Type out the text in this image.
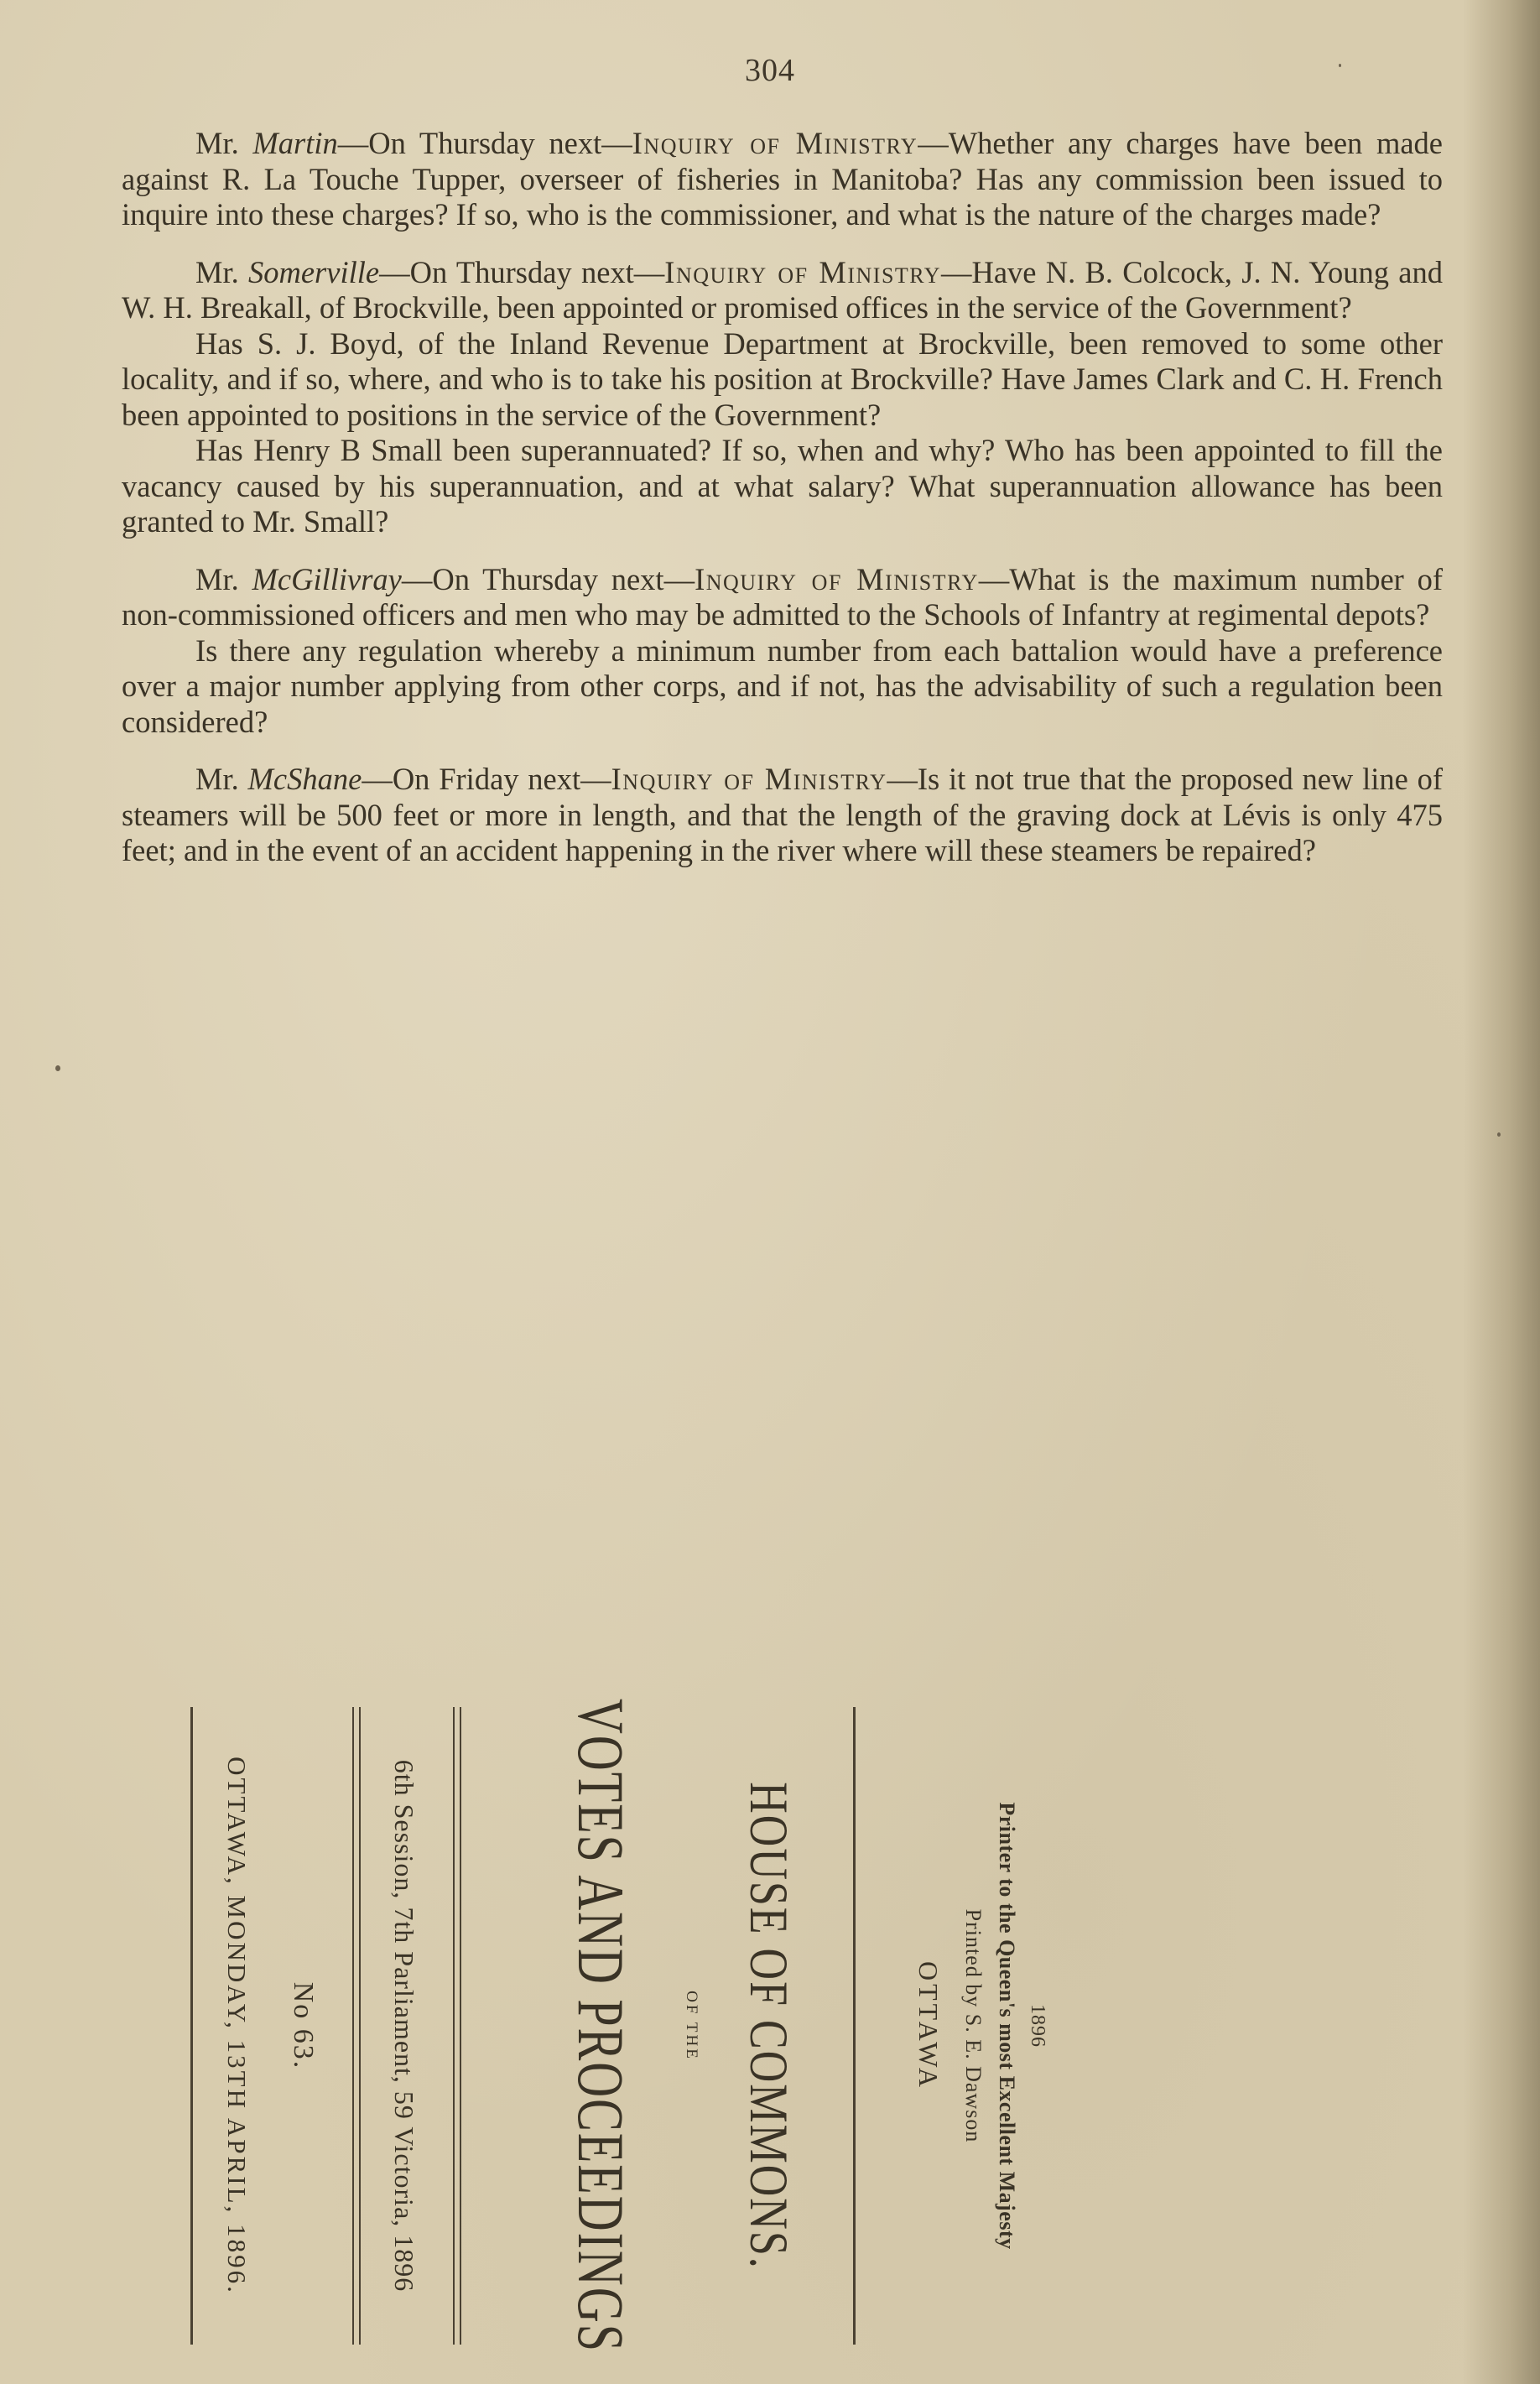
304

Mr. Martin—On Thursday next—Inquiry of Ministry—Whether any charges have been made against R. La Touche Tupper, overseer of fisheries in Manitoba? Has any commission been issued to inquire into these charges? If so, who is the commissioner, and what is the nature of the charges made?

Mr. Somerville—On Thursday next—Inquiry of Ministry—Have N. B. Colcock, J. N. Young and W. H. Breakall, of Brockville, been appointed or promised offices in the service of the Government?

Has S. J. Boyd, of the Inland Revenue Department at Brockville, been removed to some other locality, and if so, where, and who is to take his position at Brockville? Have James Clark and C. H. French been appointed to positions in the service of the Government?

Has Henry B Small been superannuated? If so, when and why? Who has been appointed to fill the vacancy caused by his superannuation, and at what salary? What superannuation allowance has been granted to Mr. Small?

Mr. McGillivray—On Thursday next—Inquiry of Ministry—What is the maximum number of non-commissioned officers and men who may be admitted to the Schools of Infantry at regimental depots?

Is there any regulation whereby a minimum number from each battalion would have a preference over a major number applying from other corps, and if not, has the advisability of such a regulation been considered?

Mr. McShane—On Friday next—Inquiry of Ministry—Is it not true that the proposed new line of steamers will be 500 feet or more in length, and that the length of the graving dock at Lévis is only 475 feet; and in the event of an accident happening in the river where will these steamers be repaired?

No 63.
OTTAWA, MONDAY, 13TH APRIL, 1896.	6th Session, 7th Parliament, 59 Victoria, 1896	VOTES AND PROCEEDINGS	OF THE HOUSE OF COMMONS.	OTTAWA Printed by S. E. Dawson Printer to the Queen's most Excellent Majesty 1896
